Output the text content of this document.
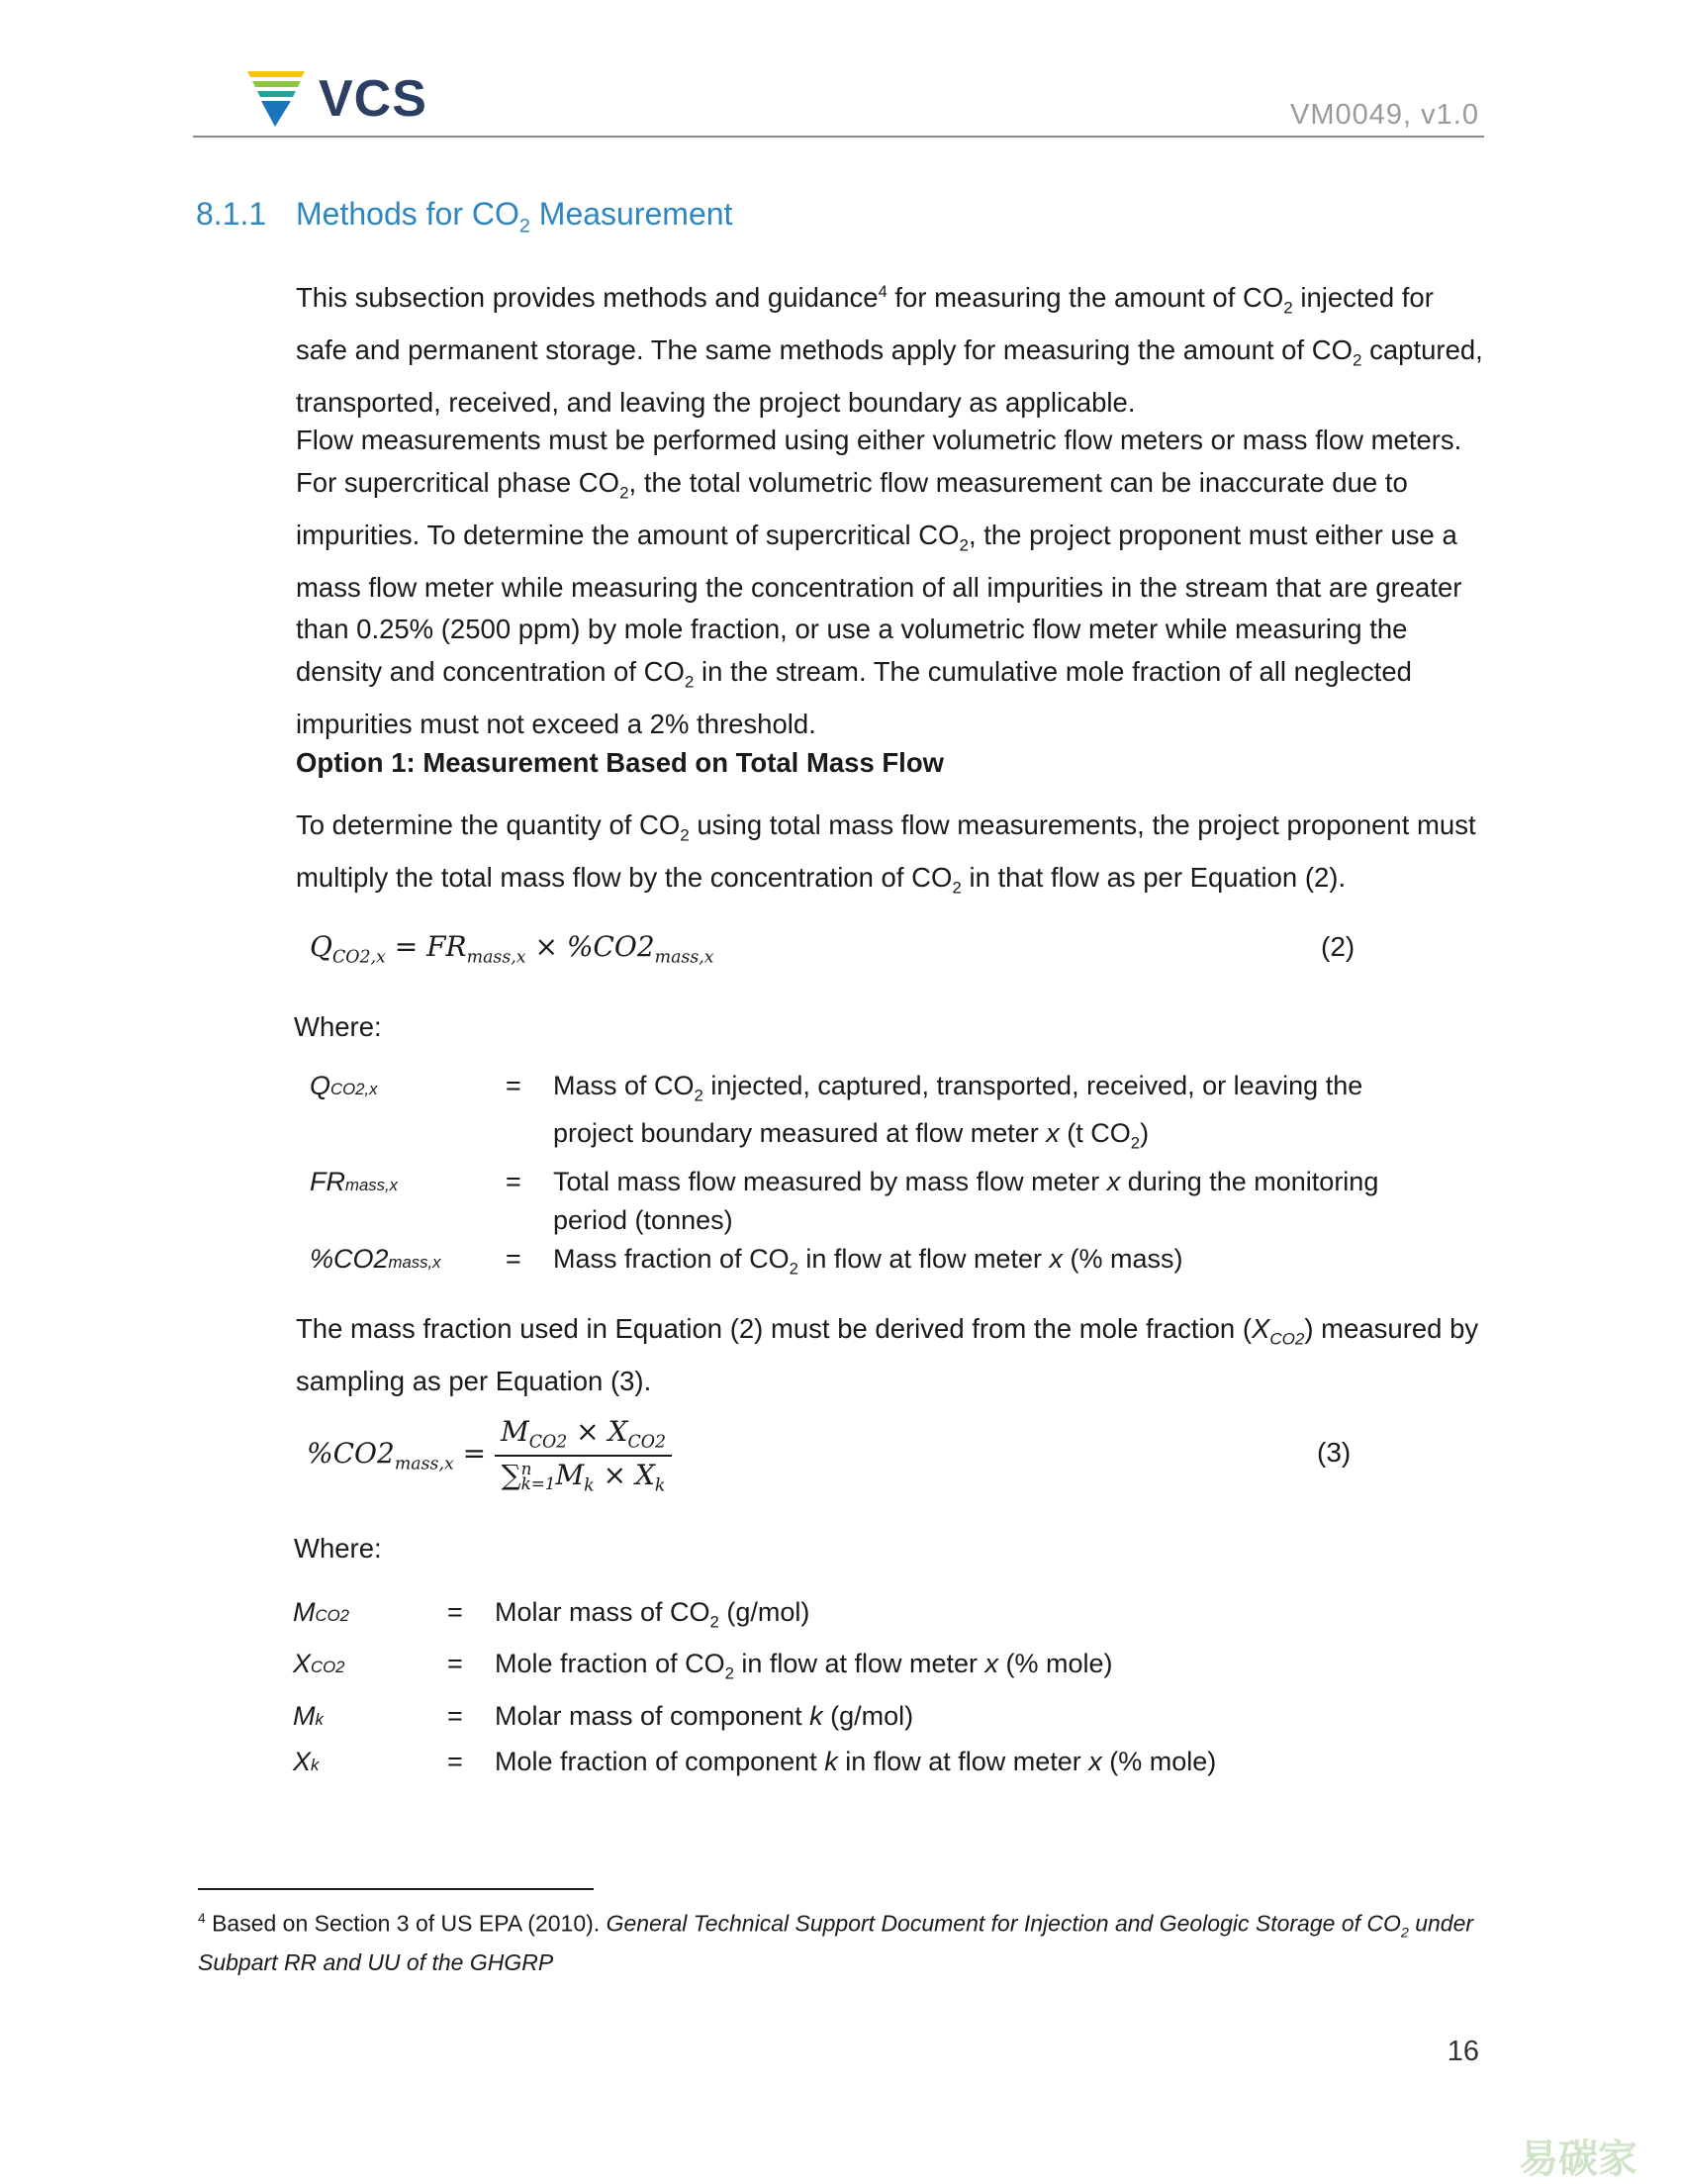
VCS	VM0049, v1.0
8.1.1 Methods for $CO_2$ Measurement
This subsection provides methods and guidance$^4$ for measuring the amount of $CO_2$ injected for safe and permanent storage. The same methods apply for measuring the amount of $CO_2$ captured, transported, received, and leaving the project boundary as applicable.
Flow measurements must be performed using either volumetric flow meters or mass flow meters. For supercritical phase $CO_2$, the total volumetric flow measurement can be inaccurate due to impurities. To determine the amount of supercritical $CO_2$, the project proponent must either use a mass flow meter while measuring the concentration of all impurities in the stream that are greater than 0.25% (2500 ppm) by mole fraction, or use a volumetric flow meter while measuring the density and concentration of $CO_2$ in the stream. The cumulative mole fraction of all neglected impurities must not exceed a 2% threshold.
Option 1: Measurement Based on Total Mass Flow
To determine the quantity of $CO_2$ using total mass flow measurements, the project proponent must multiply the total mass flow by the concentration of $CO_2$ in that flow as per Equation (2).
$Q_{CO2,x} = FR_{mass,x} \times \%CO2_{mass,x}$	(2)
Where:
QCO2,x	=	Mass of $CO_2$ injected, captured, transported, received, or leaving the project boundary measured at flow meter x (t $CO_2$)
FRmass,x	=	Total mass flow measured by mass flow meter x during the monitoring period (tonnes)
%CO2mass,x	=	Mass fraction of $CO_2$ in flow at flow meter x (% mass)
The mass fraction used in Equation (2) must be derived from the mole fraction $(X_{CO2})$ measured by sampling as per Equation (3).
$\%CO2_{mass,x} = M_{CO2} \times X_{CO2}$
∑ n
k=1 $M_k \times X_k$	(3)
Where:
MCO2	=	Molar mass of $CO_2$ (g/mol)
XCO2	=	Mole fraction of $CO_2$ in flow at flow meter x (% mole)
Mk	=	Molar mass of component k (g/mol)
Xk	=	Mole fraction of component k in flow at flow meter x (% mole)
$^4$ Based on Section 3 of US EPA (2010). General Technical Support Document for Injection and Geologic Storage of $CO_2$ under Subpart RR and UU of the GHGRP
16
易碳家
